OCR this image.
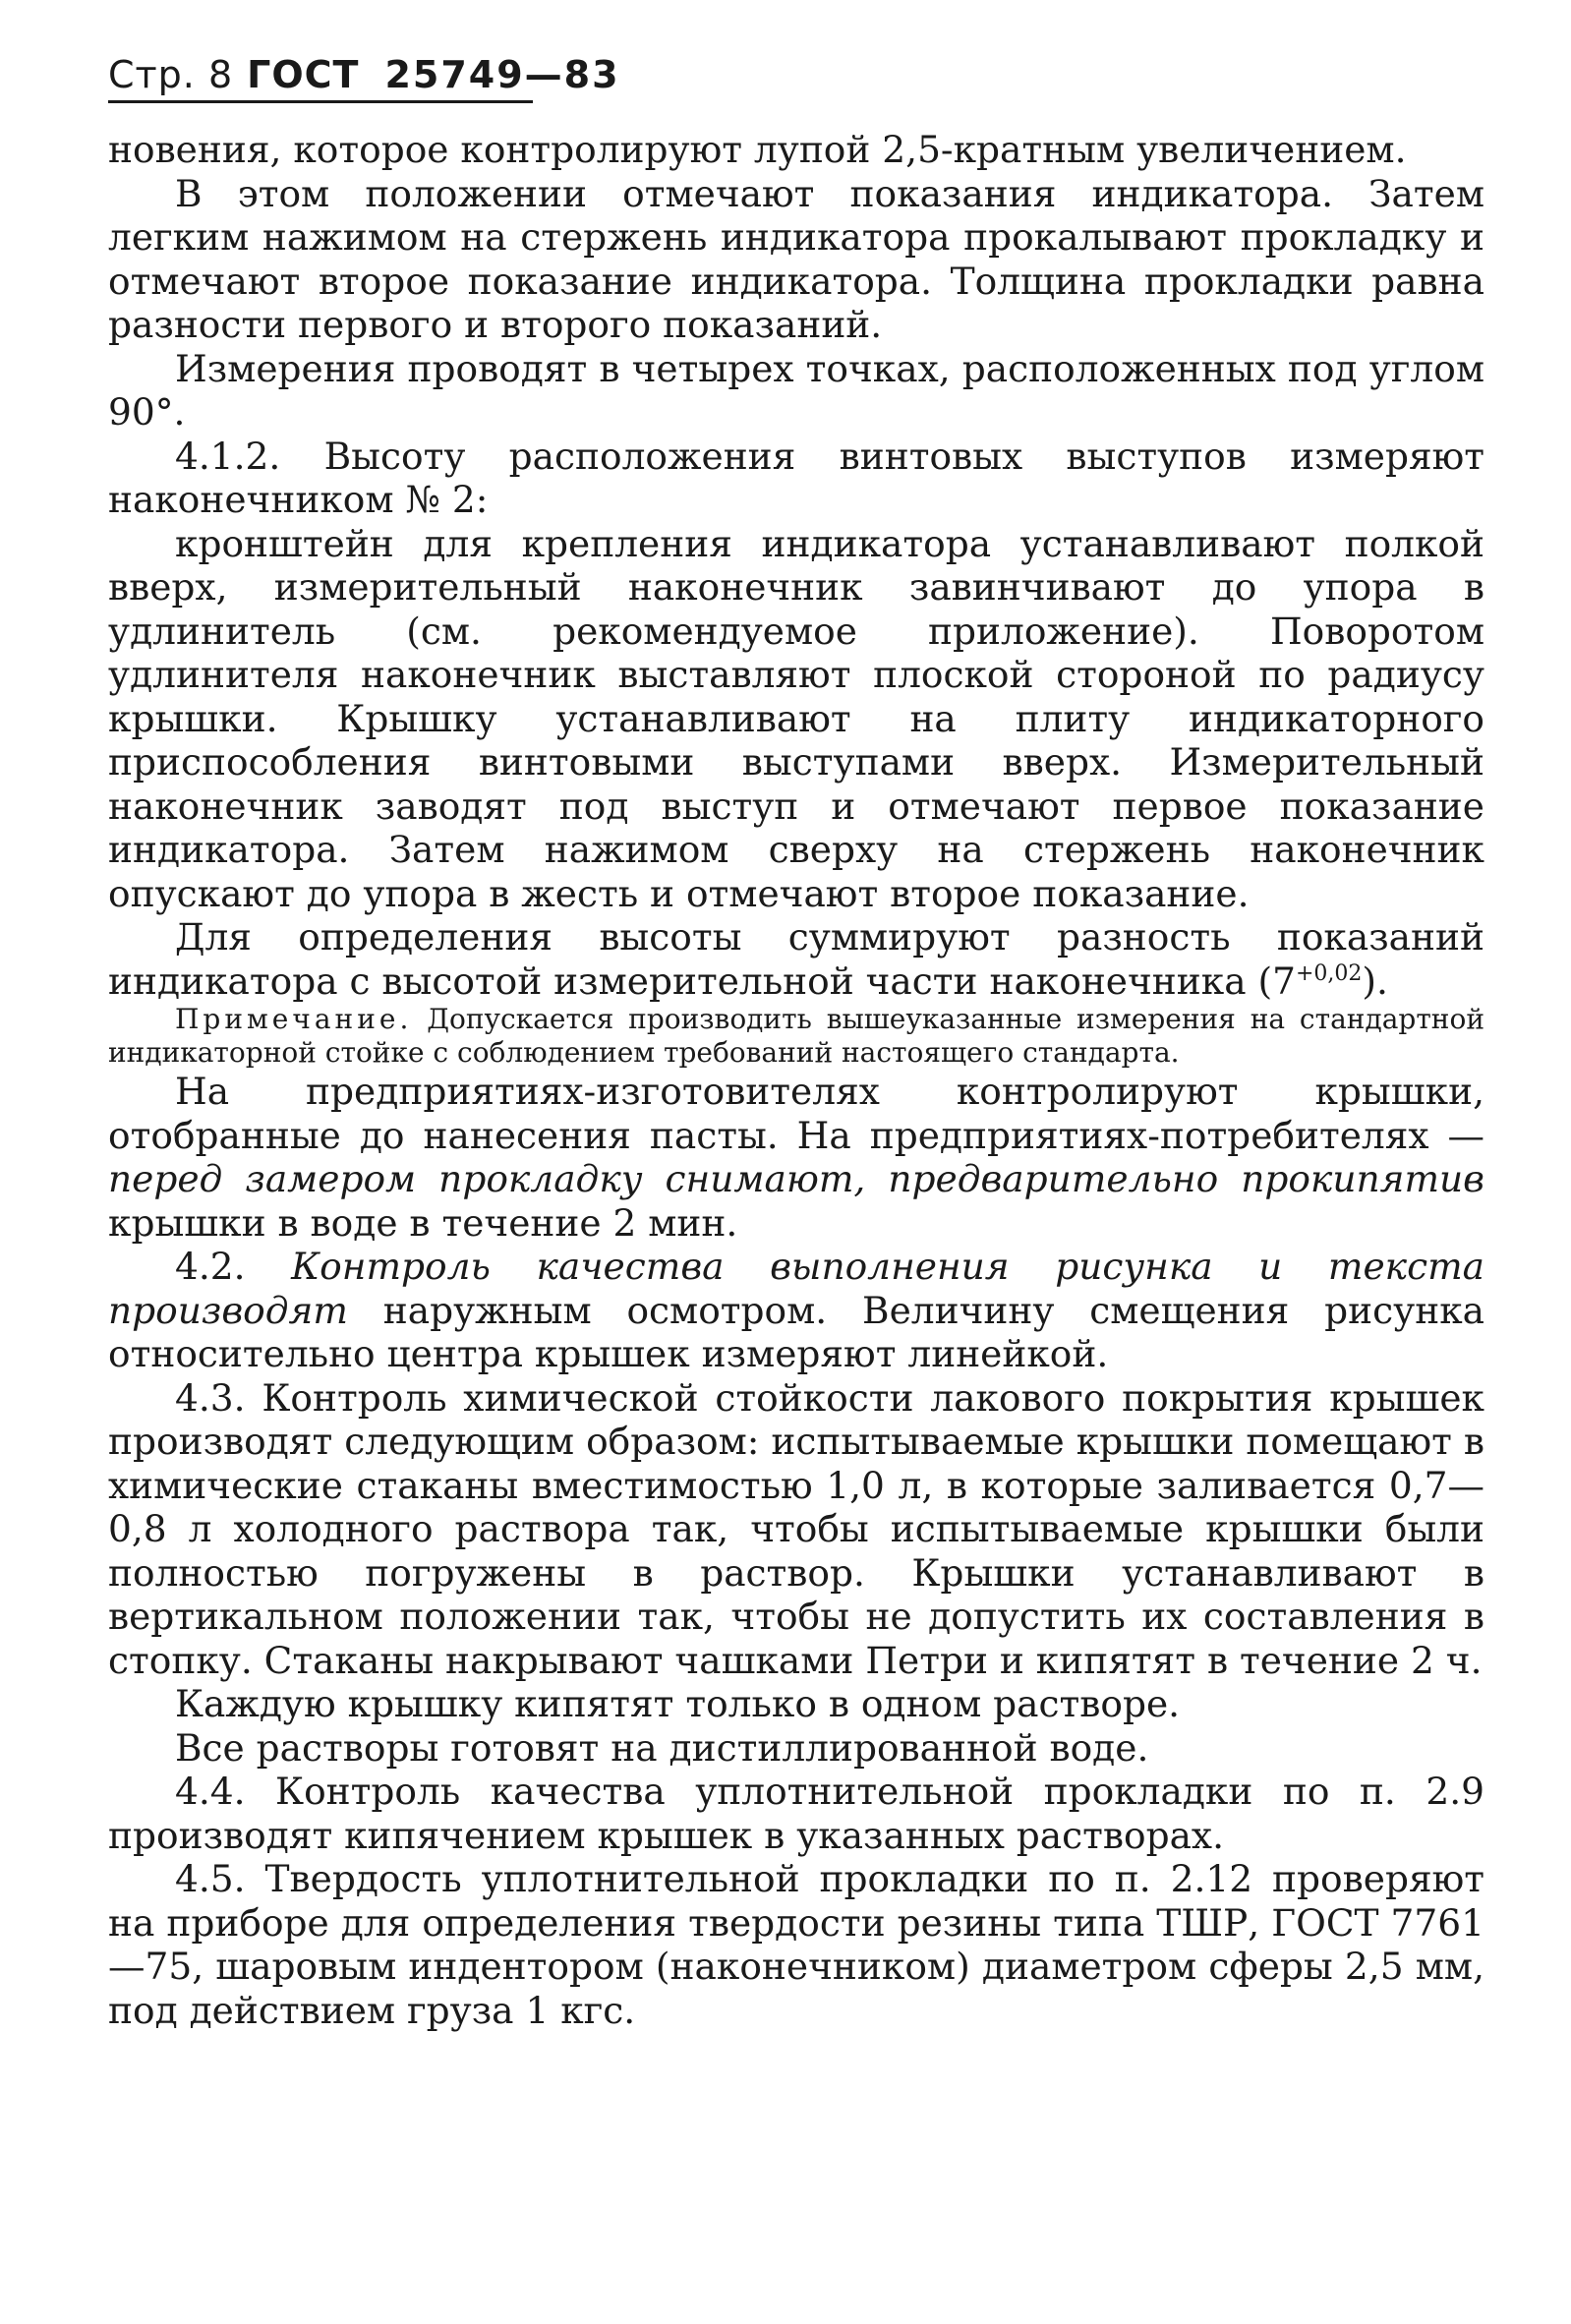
Стр. 8 ГОСТ 25749—83

новения, которое контролируют лупой 2,5-кратным увеличением.

В этом положении отмечают показания индикатора. Затем легким нажимом на стержень индикатора прокалывают прокладку и отмечают второе показание индикатора. Толщина прокладки равна разности первого и второго показаний.

Измерения проводят в четырех точках, расположенных под углом 90°.

4.1.2. Высоту расположения винтовых выступов измеряют наконечником № 2:

кронштейн для крепления индикатора устанавливают полкой вверх, измерительный наконечник завинчивают до упора в удлинитель (см. рекомендуемое приложение). Поворотом удлинителя наконечник выставляют плоской стороной по радиусу крышки. Крышку устанавливают на плиту индикаторного приспособления винтовыми выступами вверх. Измерительный наконечник заводят под выступ и отмечают первое показание индикатора. Затем нажимом сверху на стержень наконечник опускают до упора в жесть и отмечают второе показание.

Для определения высоты суммируют разность показаний индикатора с высотой измерительной части наконечника $(7^{+0,02})$.

Примечание. Допускается производить вышеуказанные измерения на стандартной индикаторной стойке с соблюдением требований настоящего стандарта.

На предприятиях-изготовителях контролируют крышки, отобранные до нанесения пасты. На предприятиях-потребителях — перед замером прокладку снимают, предварительно прокипятив крышки в воде в течение 2 мин.

4.2. Контроль качества выполнения рисунка и текста производят наружным осмотром. Величину смещения рисунка относительно центра крышек измеряют линейкой.

4.3. Контроль химической стойкости лакового покрытия крышек производят следующим образом: испытываемые крышки помещают в химические стаканы вместимостью 1,0 л, в которые заливается 0,7—0,8 л холодного раствора так, чтобы испытываемые крышки были полностью погружены в раствор. Крышки устанавливают в вертикальном положении так, чтобы не допустить их составления в стопку. Стаканы накрывают чашками Петри и кипятят в течение 2 ч.

Каждую крышку кипятят только в одном растворе.

Все растворы готовят на дистиллированной воде.

4.4. Контроль качества уплотнительной прокладки по п. 2.9 производят кипячением крышек в указанных растворах.

4.5. Твердость уплотнительной прокладки по п. 2.12 проверяют на приборе для определения твердости резины типа ТШР, ГОСТ 7761—75, шаровым индентором (наконечником) диаметром сферы 2,5 мм, под действием груза 1 кгс.
